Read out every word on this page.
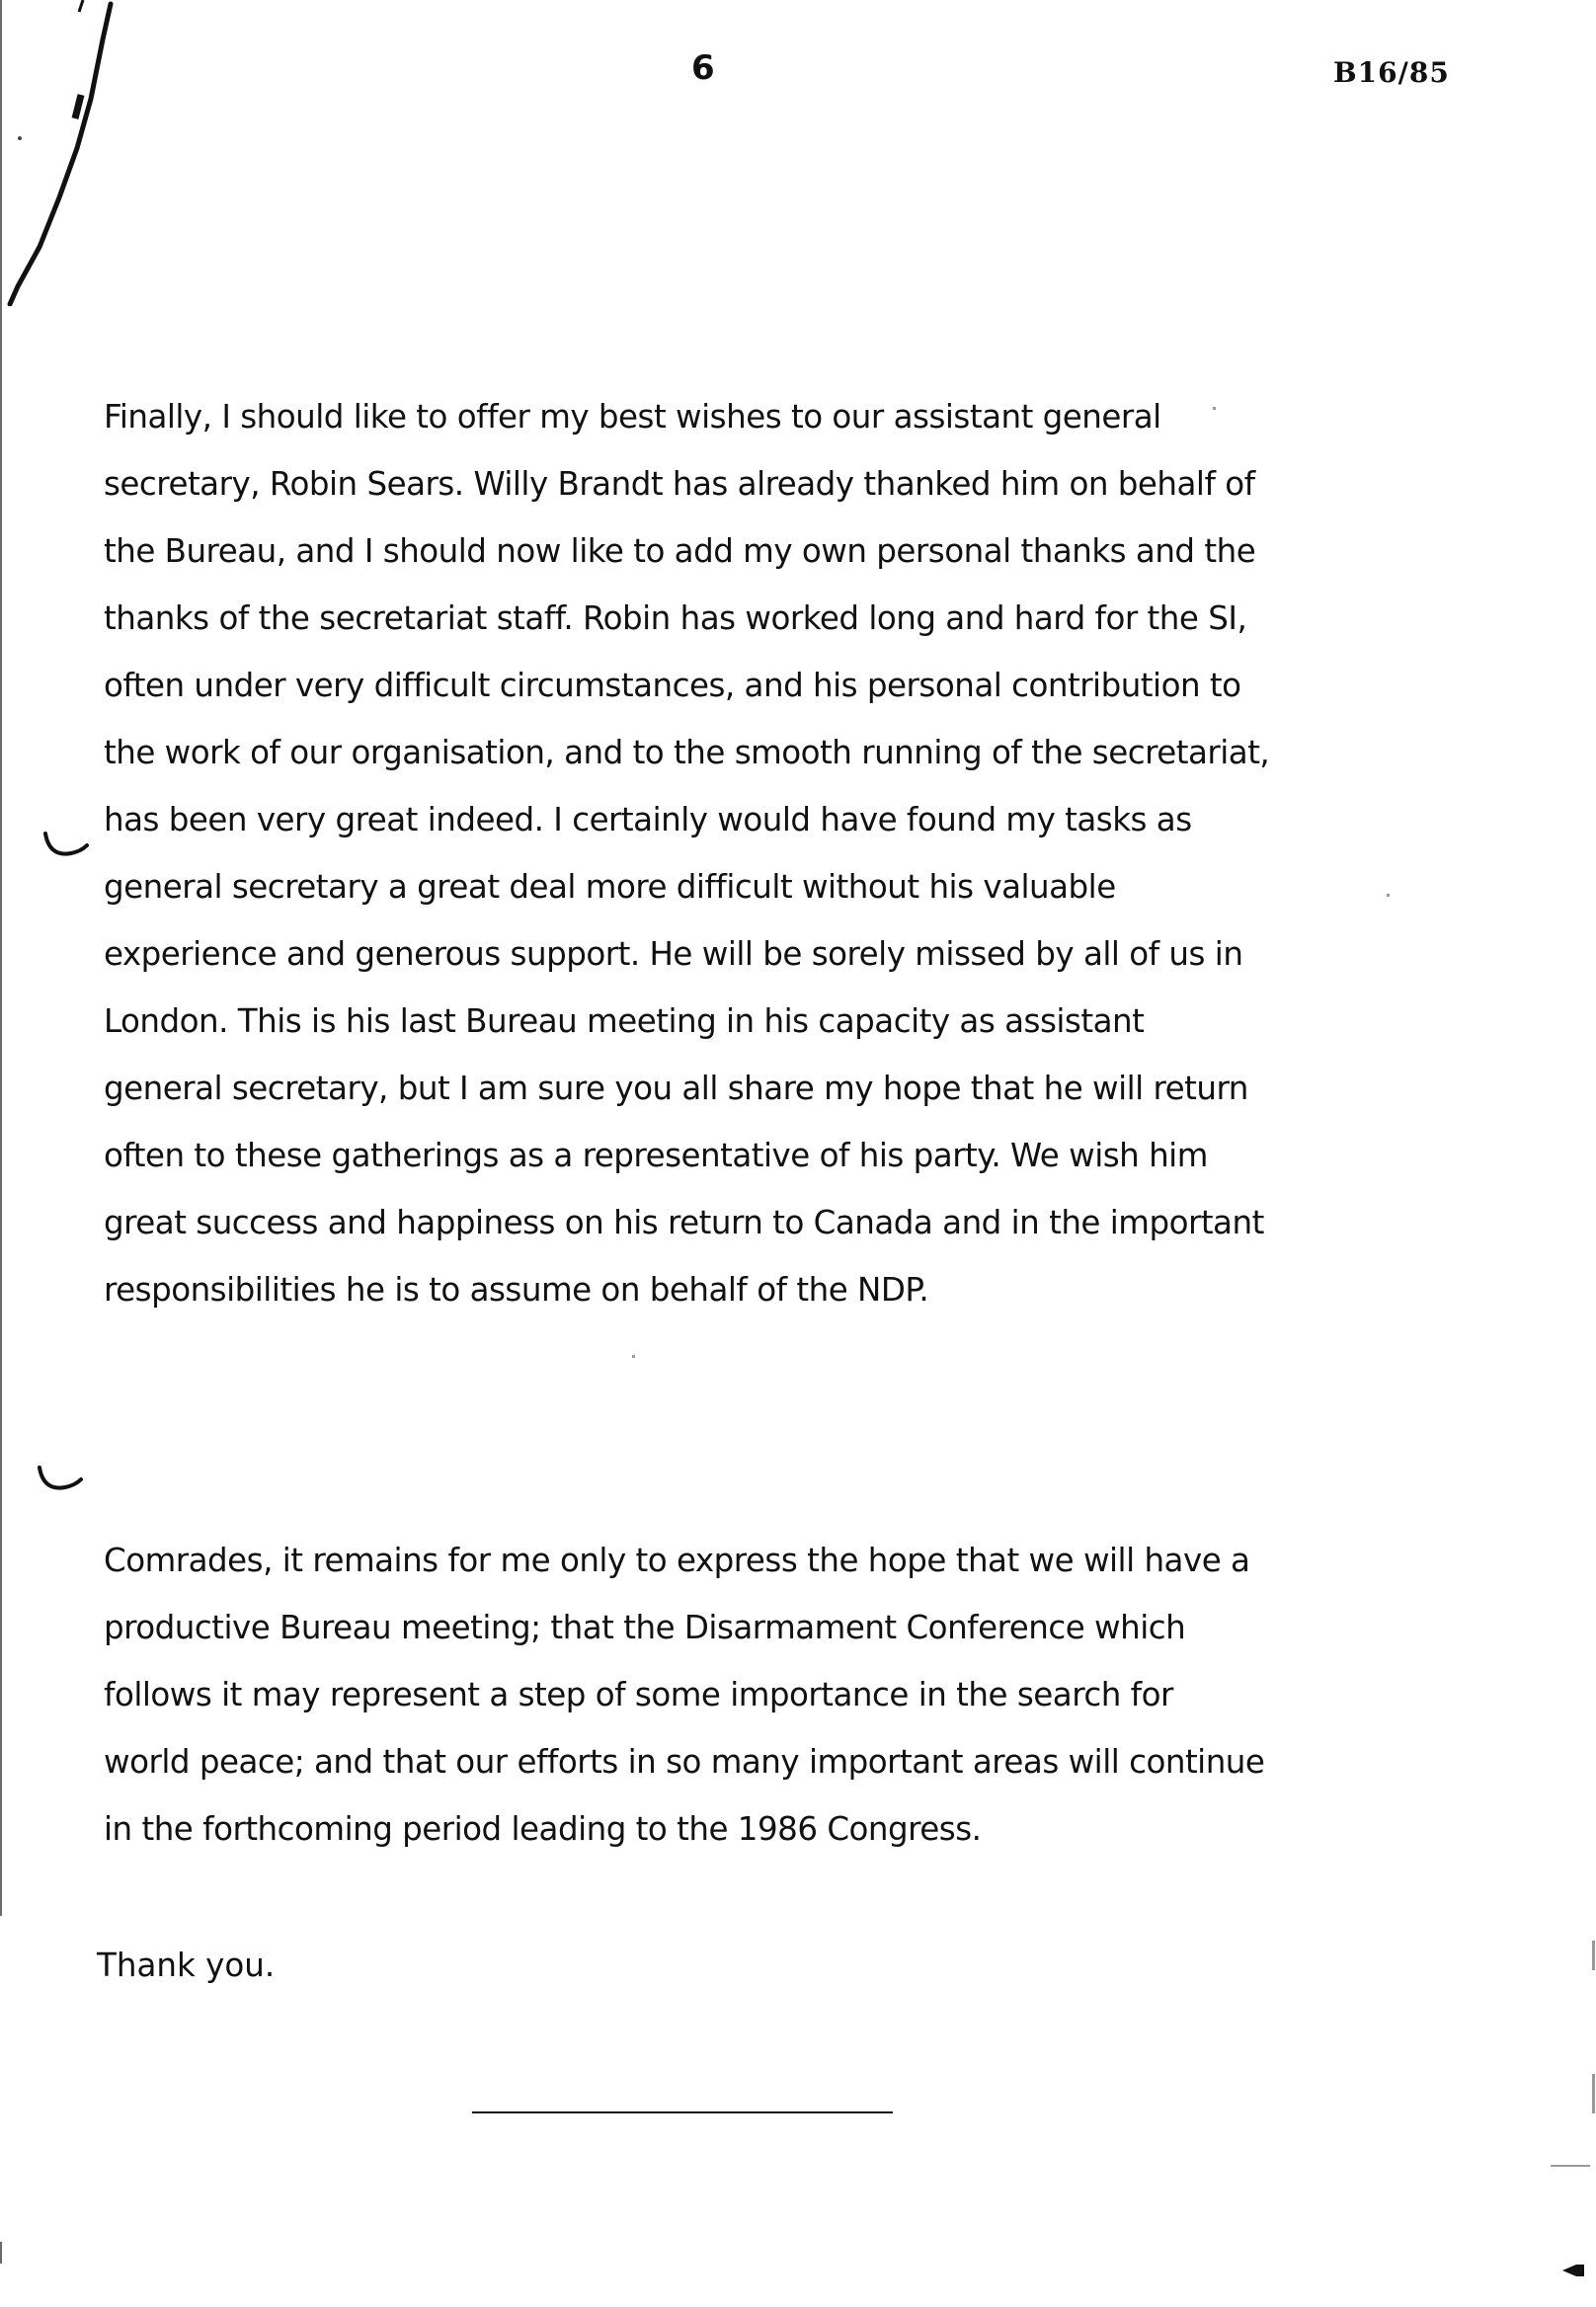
6	B16/85

Finally, I should like to offer my best wishes to our assistant general
secretary, Robin Sears. Willy Brandt has already thanked him on behalf of
the Bureau, and I should now like to add my own personal thanks and the
thanks of the secretariat staff. Robin has worked long and hard for the SI,
often under very difficult circumstances, and his personal contribution to
the work of our organisation, and to the smooth running of the secretariat,
has been very great indeed. I certainly would have found my tasks as
general secretary a great deal more difficult without his valuable
experience and generous support. He will be sorely missed by all of us in
London. This is his last Bureau meeting in his capacity as assistant
general secretary, but I am sure you all share my hope that he will return
often to these gatherings as a representative of his party. We wish him
great success and happiness on his return to Canada and in the important
responsibilities he is to assume on behalf of the NDP.

Comrades, it remains for me only to express the hope that we will have a
productive Bureau meeting; that the Disarmament Conference which
follows it may represent a step of some importance in the search for
world peace; and that our efforts in so many important areas will continue
in the forthcoming period leading to the 1986 Congress.

Thank you.
